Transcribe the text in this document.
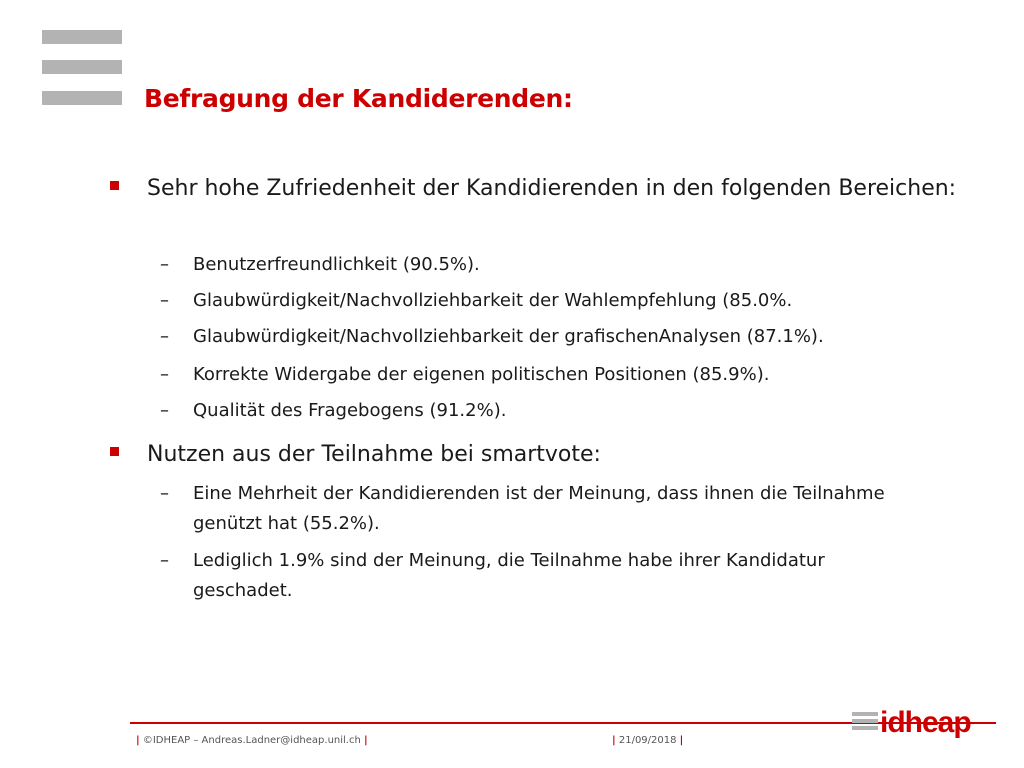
Befragung der Kandiderenden:
Sehr hohe Zufriedenheit der Kandidierenden in den folgenden Bereichen:
– Benutzerfreundlichkeit (90.5%).
– Glaubwürdigkeit/Nachvollziehbarkeit der Wahlempfehlung (85.0%.
– Glaubwürdigkeit/Nachvollziehbarkeit der grafischenAnalysen (87.1%).
– Korrekte Widergabe der eigenen politischen Positionen (85.9%).
– Qualität des Fragebogens (91.2%).
Nutzen aus der Teilnahme bei smartvote:
– Eine Mehrheit der Kandidierenden ist der Meinung, dass ihnen die Teilnahme genützt hat (55.2%).
– Lediglich 1.9% sind der Meinung, die Teilnahme habe ihrer Kandidatur geschadet.
| ©IDHEAP – Andreas.Ladner@idheap.unil.ch |	| 21/09/2018 |
idheap
